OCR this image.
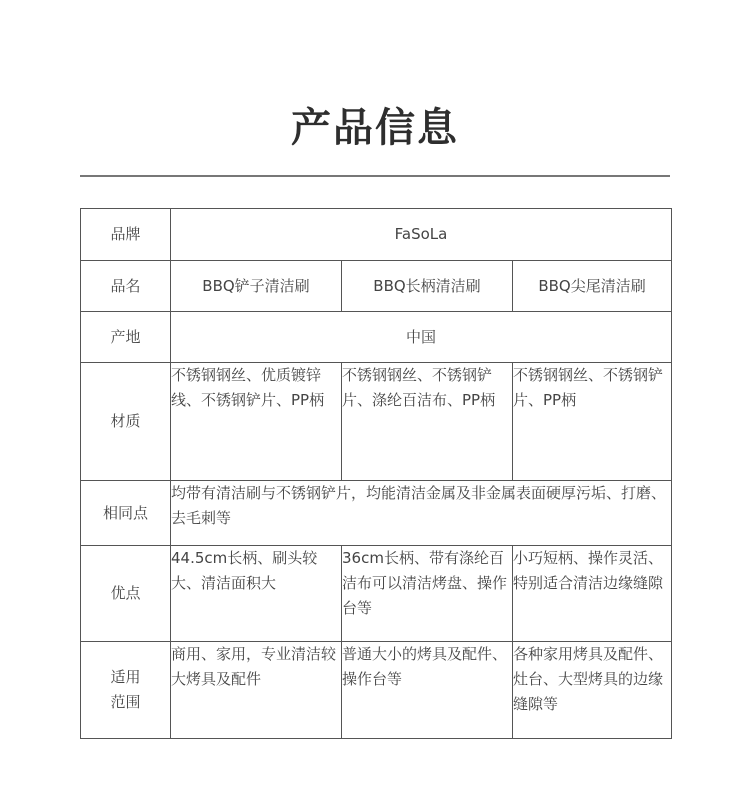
产品信息
品牌	FaSoLa		
品名	BBQ铲子清洁刷	BBQ长柄清洁刷	BBQ尖尾清洁刷
产地	中国		
材质	不锈钢钢丝、优质镀锌线、不锈钢铲片、PP柄	不锈钢钢丝、不锈钢铲片、涤纶百洁布、PP柄	不锈钢钢丝、不锈钢铲片、PP柄
相同点	均带有清洁刷与不锈钢铲片，均能清洁金属及非金属表面硬厚污垢、打磨、去毛刺等		
优点	44.5cm长柄、刷头较大、清洁面积大	36cm长柄、带有涤纶百洁布可以清洁烤盘、操作台等	小巧短柄、操作灵活、特别适合清洁边缘缝隙

适用
范围	商用、家用，专业清洁较大烤具及配件	普通大小的烤具及配件、操作台等	各种家用烤具及配件、灶台、大型烤具的边缘缝隙等
